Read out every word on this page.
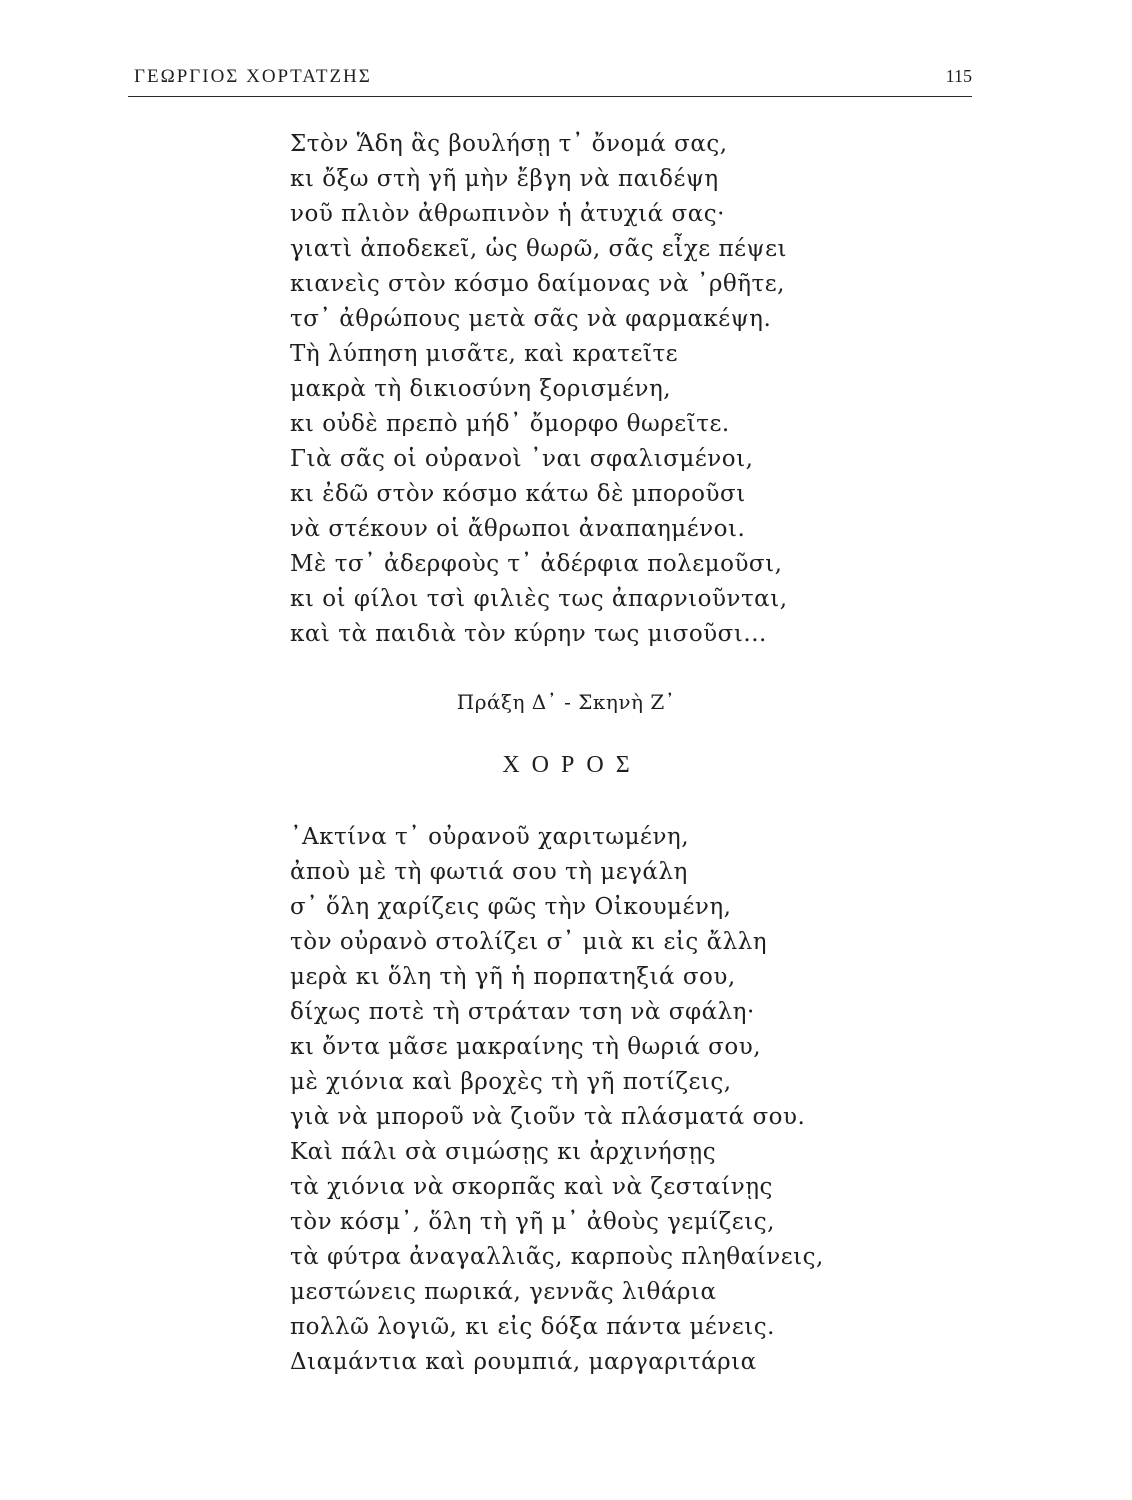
ΓΕΩΡΓΙΟΣ ΧΟΡΤΑΤΖΗΣ	115
Στὸν Ἅδη ἃς βουλήσῃ τ᾿ ὄνομά σας,
κι ὄξω στὴ γῆ μὴν ἔβγη νὰ παιδέψη
νοῦ πλιὸν ἀθρωπινὸν ἡ ἀτυχιά σας·
γιατὶ ἀποδεκεῖ, ὡς θωρῶ, σᾶς εἶχε πέψει
κιανεὶς στὸν κόσμο δαίμονας νὰ ᾿ρθῆτε,
τσ᾿ ἀθρώπους μετὰ σᾶς νὰ φαρμακέψη.
Τὴ λύπηση μισᾶτε, καὶ κρατεῖτε
μακρὰ τὴ δικιοσύνη ξορισμένη,
κι οὐδὲ πρεπὸ μήδ᾿ ὄμορφο θωρεῖτε.
Γιὰ σᾶς οἱ οὐρανοὶ ᾿ναι σφαλισμένοι,
κι ἐδῶ στὸν κόσμο κάτω δὲ μποροῦσι
νὰ στέκουν οἱ ἄθρωποι ἀναπαημένοι.
Μὲ τσ᾿ ἀδερφοὺς τ᾿ ἀδέρφια πολεμοῦσι,
κι οἱ φίλοι τσὶ φιλιὲς τως ἀπαρνιοῦνται,
καὶ τὰ παιδιὰ τὸν κύρην τως μισοῦσι...
Πράξη Δ᾿ - Σκηνὴ Ζ᾿
ΧΟΡΟΣ
᾿Ακτίνα τ᾿ οὐρανοῦ χαριτωμένη,
ἀποὺ μὲ τὴ φωτιά σου τὴ μεγάλη
σ᾿ ὅλη χαρίζεις φῶς τὴν Οἰκουμένη,
τὸν οὐρανὸ στολίζει σ᾿ μιὰ κι εἰς ἄλλη
μερὰ κι ὅλη τὴ γῆ ἡ πορπατηξιά σου,
δίχως ποτὲ τὴ στράταν τση νὰ σφάλη·
κι ὄντα μᾶσε μακραίνης τὴ θωριά σου,
μὲ χιόνια καὶ βροχὲς τὴ γῆ ποτίζεις,
γιὰ νὰ μποροῦ νὰ ζιοῦν τὰ πλάσματά σου.
Καὶ πάλι σὰ σιμώσῃς κι ἀρχινήσῃς
τὰ χιόνια νὰ σκορπᾶς καὶ νὰ ζεσταίνῃς
τὸν κόσμ᾿, ὅλη τὴ γῆ μ᾿ ἀθοὺς γεμίζεις,
τὰ φύτρα ἀναγαλλιᾶς, καρποὺς πληθαίνεις,
μεστώνεις πωρικά, γεννᾶς λιθάρια
πολλῶ λογιῶ, κι εἰς δόξα πάντα μένεις.
Διαμάντια καὶ ρουμπιά, μαργαριτάρια
